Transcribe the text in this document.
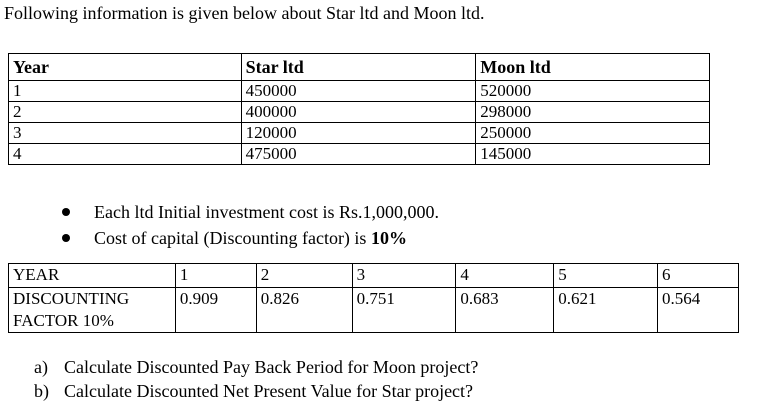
Following information is given below about Star ltd and Moon ltd.
Year	Star ltd	Moon ltd
1	450000	520000
2	400000	298000
3	120000	250000
4	475000	145000
Each ltd Initial investment cost is Rs.1,000,000.
Cost of capital (Discounting factor) is 10%
YEAR	1	2	3	4	5	6
DISCOUNTING FACTOR 10%	0.909	0.826	0.751	0.683	0.621	0.564
a) Calculate Discounted Pay Back Period for Moon project?
b) Calculate Discounted Net Present Value for Star project?
